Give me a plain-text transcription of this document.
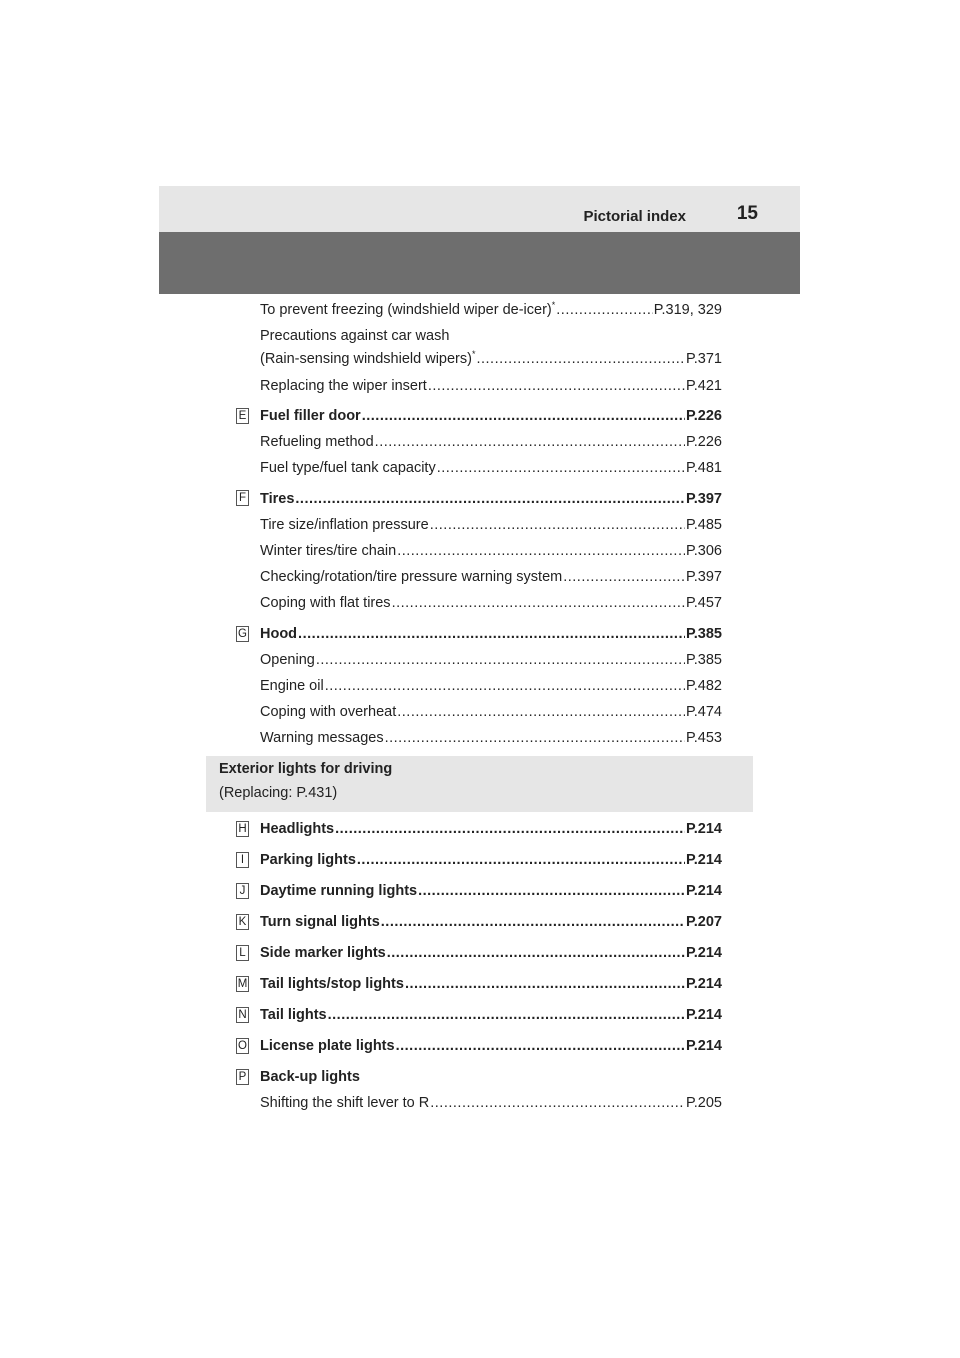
Pictorial index	15
To prevent freezing (windshield wiper de-icer)* .....	P.319, 329
Precautions against car wash
(Rain-sensing windshield wipers)* .....	P.371
Replacing the wiper insert .....	P.421
E Fuel filler door .....	P.226
Refueling method .....	P.226
Fuel type/fuel tank capacity .....	P.481
F Tires .....	P.397
Tire size/inflation pressure .....	P.485
Winter tires/tire chain .....	P.306
Checking/rotation/tire pressure warning system .....	P.397
Coping with flat tires .....	P.457
G Hood .....	P.385
Opening .....	P.385
Engine oil .....	P.482
Coping with overheat .....	P.474
Warning messages .....	P.453
Exterior lights for driving
(Replacing: P.431)
H Headlights .....	P.214
I	Parking lights .....	P.214
J Daytime running lights .....	P.214
K Turn signal lights .....	P.207
L Side marker lights .....	P.214
M Tail lights/stop lights .....	P.214
N Tail lights .....	P.214
O License plate lights .....	P.214
P Back-up lights
Shifting the shift lever to R .....	P.205
